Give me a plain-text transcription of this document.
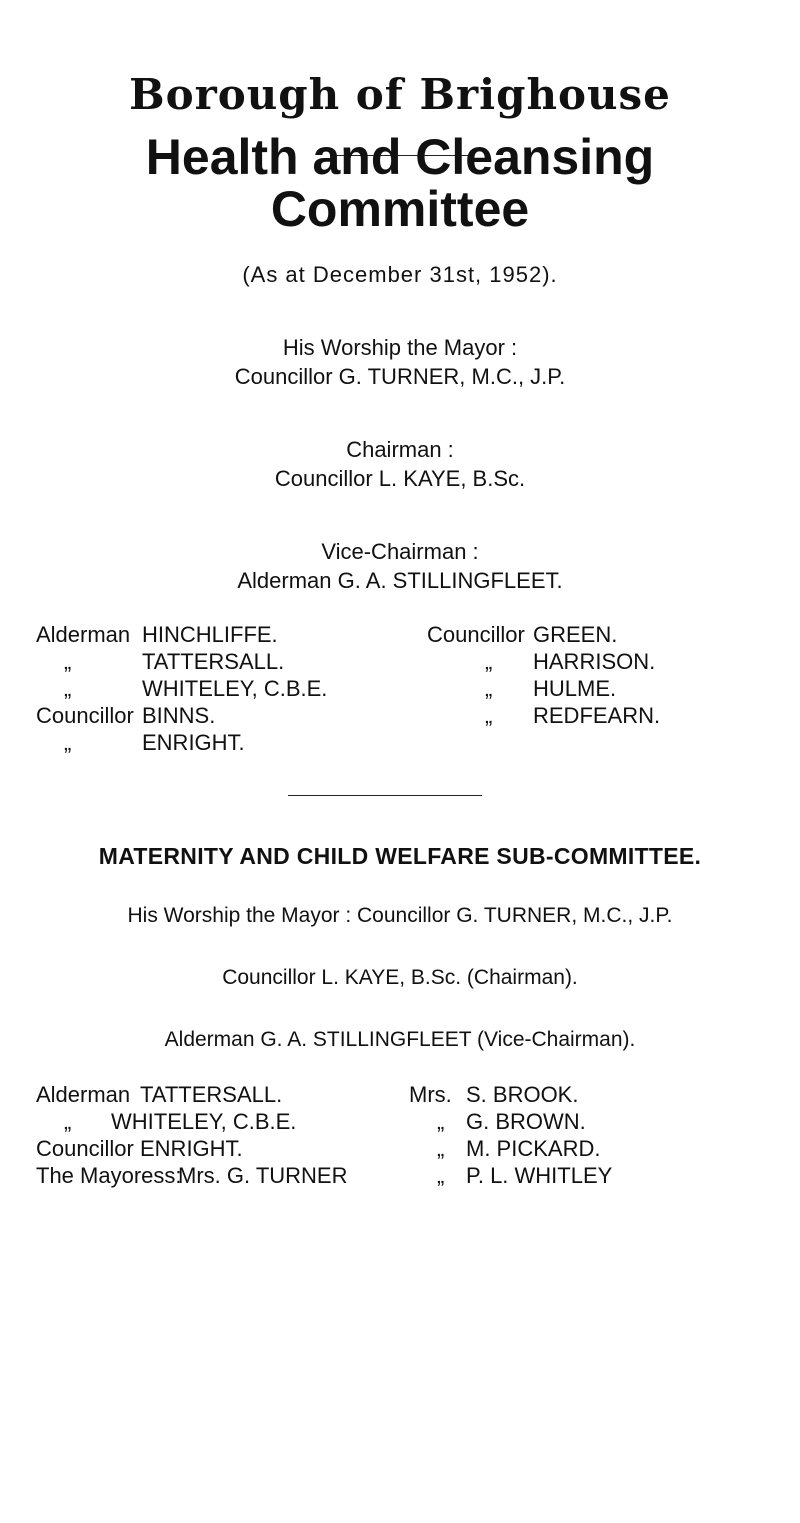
Borough of Brighouse
Health and Cleansing
Committee
(As at December 31st, 1952).
His Worship the Mayor :
Councillor G. TURNER, M.C., J.P.
Chairman :
Councillor L. KAYE, B.Sc.
Vice-Chairman :
Alderman G. A. STILLINGFLEET.
Alderman HINCHLIFFE.
„	TATTERSALL.
„	WHITELEY, C.B.E.
Councillor BINNS.
„	ENRIGHT.
Councillor GREEN.
„ HARRISON.
„ HULME.
„ REDFEARN.
MATERNITY AND CHILD WELFARE SUB-COMMITTEE.
His Worship the Mayor : Councillor G. TURNER, M.C., J.P.
Councillor L. KAYE, B.Sc. (Chairman).
Alderman G. A. STILLINGFLEET (Vice-Chairman).
Alderman TATTERSALL.
„ WHITELEY, C.B.E.
Councillor ENRIGHT.
The Mayoress:
Mrs. G. TURNER
Mrs. S. BROOK.
„ G. BROWN.
„ M. PICKARD.
„ P. L. WHITLEY
